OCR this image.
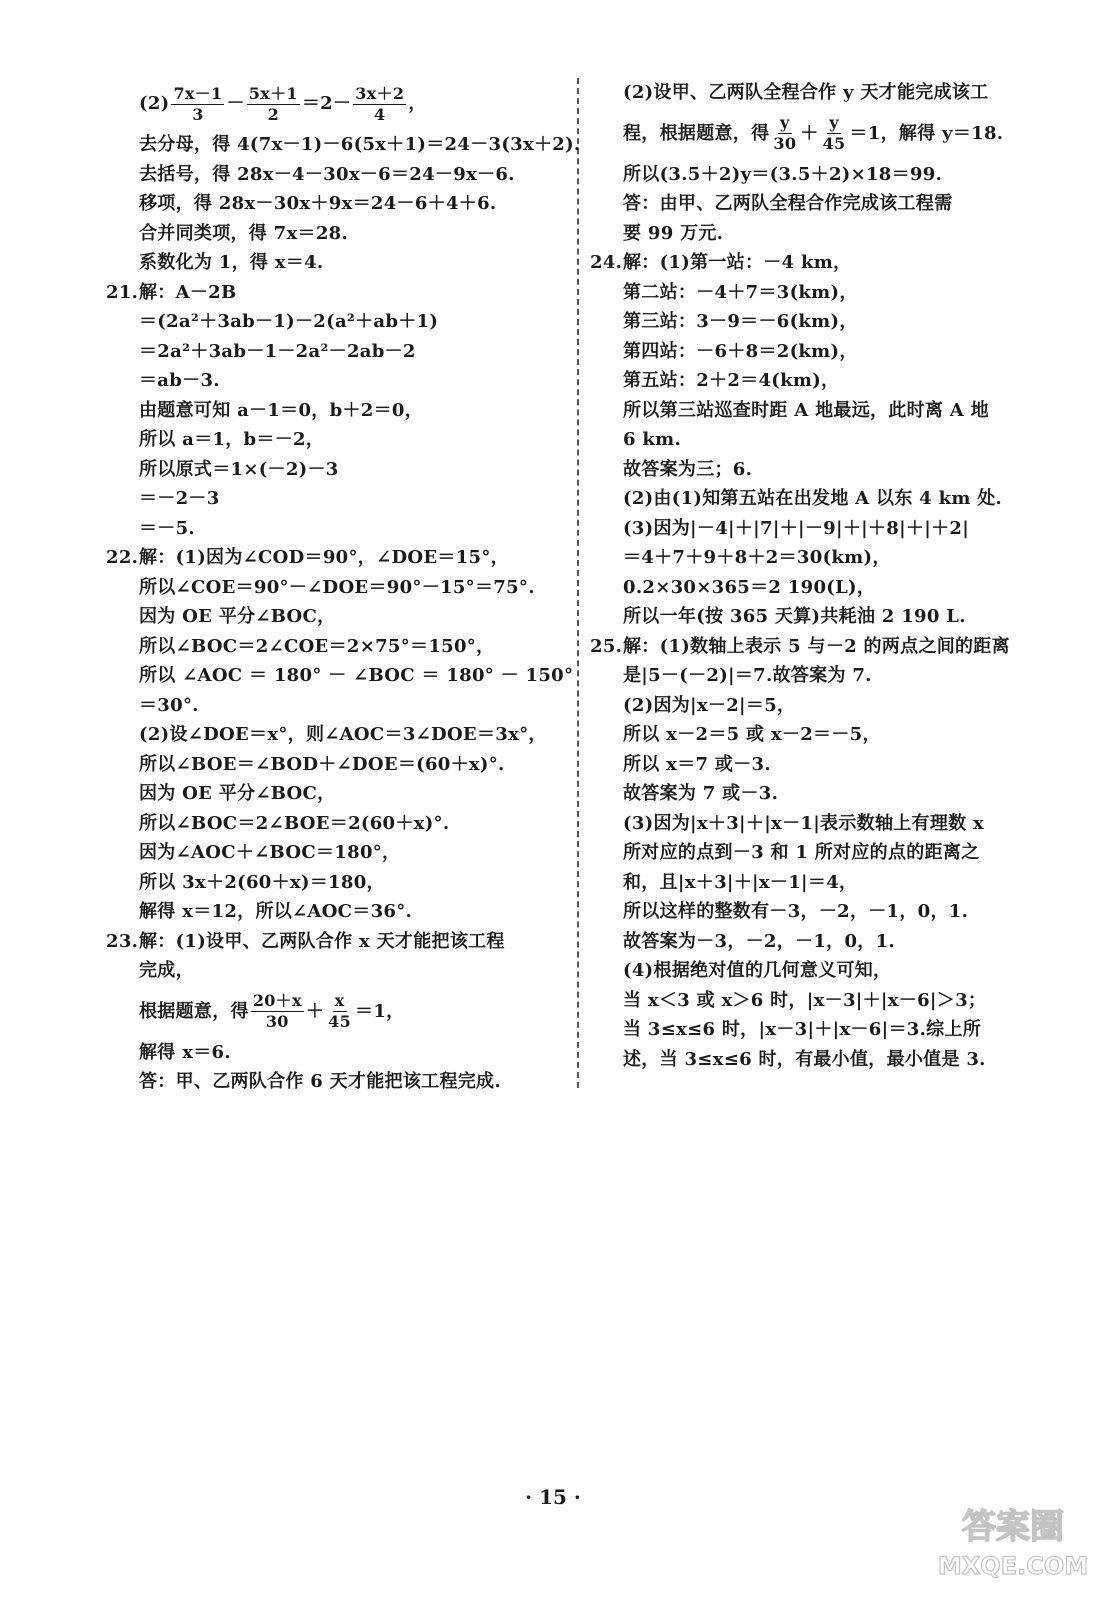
$(2) \frac{7x-1}{3} - \frac{5x+1}{2} =2- \frac{3x+2}{4}$ ，
去分母，得 4(7x－1)－6(5x＋1)＝24－3(3x＋2).
去括号，得 28x－4－30x－6＝24－9x－6.
移项，得 28x－30x＋9x＝24－6＋4＋6.
合并同类项，得 7x＝28.
系数化为 1，得 x＝4.
21.解：A－2B
＝(2a²＋3ab－1)－2(a²＋ab＋1)
＝2a²＋3ab－1－2a²－2ab－2
＝ab－3.
由题意可知 a－1＝0，b＋2＝0，
所以 a＝1，b＝－2，
所以原式＝1×(－2)－3
＝－2－3
＝－5.
22.解：(1)因为∠COD＝90°，∠DOE＝15°，
所以∠COE＝90°－∠DOE＝90°－15°＝75°.
因为 OE 平分∠BOC，
所以∠BOC＝2∠COE＝2×75°＝150°，
所以 ∠AOC ＝ 180° － ∠BOC ＝ 180° － 150°
＝30°.
(2)设∠DOE＝x°，则∠AOC＝3∠DOE＝3x°，
所以∠BOE＝∠BOD＋∠DOE＝(60＋x)°.
因为 OE 平分∠BOC，
所以∠BOC＝2∠BOE＝2(60＋x)°.
因为∠AOC＋∠BOC＝180°，
所以 3x＋2(60＋x)＝180，
解得 x＝12，所以∠AOC＝36°.
23.解：(1)设甲、乙两队合作 x 天才能把该工程
完成，
根据题意，得 $\frac{20+x}{30} + \frac{x}{45} =1$，
解得 x＝6.
答：甲、乙两队合作 6 天才能把该工程完成.
(2)设甲、乙两队全程合作 y 天才能完成该工
程，根据题意，得 $\frac{y}{30} + \frac{y}{45} =1$，解得 y＝18.
所以(3.5＋2)y＝(3.5＋2)×18＝99.
答：由甲、乙两队全程合作完成该工程需
要 99 万元.
24.解：(1)第一站：－4 km，
第二站：－4＋7＝3(km)，
第三站：3－9＝－6(km)，
第四站：－6＋8＝2(km)，
第五站：2＋2＝4(km)，
所以第三站巡查时距 A 地最远，此时离 A 地
6 km.
故答案为三；6.
(2)由(1)知第五站在出发地 A 以东 4 km 处.
(3)因为|－4|＋|7|＋|－9|＋|＋8|＋|＋2|
＝4＋7＋9＋8＋2＝30(km)，
0.2×30×365＝2 190(L)，
所以一年(按 365 天算)共耗油 2 190 L.
25.解：(1)数轴上表示 5 与－2 的两点之间的距离
是|5－(－2)|＝7.故答案为 7.
(2)因为|x－2|＝5，
所以 x－2＝5 或 x－2＝－5，
所以 x＝7 或－3.
故答案为 7 或－3.
(3)因为|x＋3|＋|x－1|表示数轴上有理数 x
所对应的点到－3 和 1 所对应的点的距离之
和，且|x＋3|＋|x－1|＝4，
所以这样的整数有－3，－2，－1，0，1.
故答案为－3，－2，－1，0，1.
(4)根据绝对值的几何意义可知，
当 x＜3 或 x＞6 时，|x－3|＋|x－6|＞3；
当 3≤x≤6 时，|x－3|＋|x－6|＝3.综上所
述，当 3≤x≤6 时，有最小值，最小值是 3.
· 15 ·
答案圈
MXQE.COM
